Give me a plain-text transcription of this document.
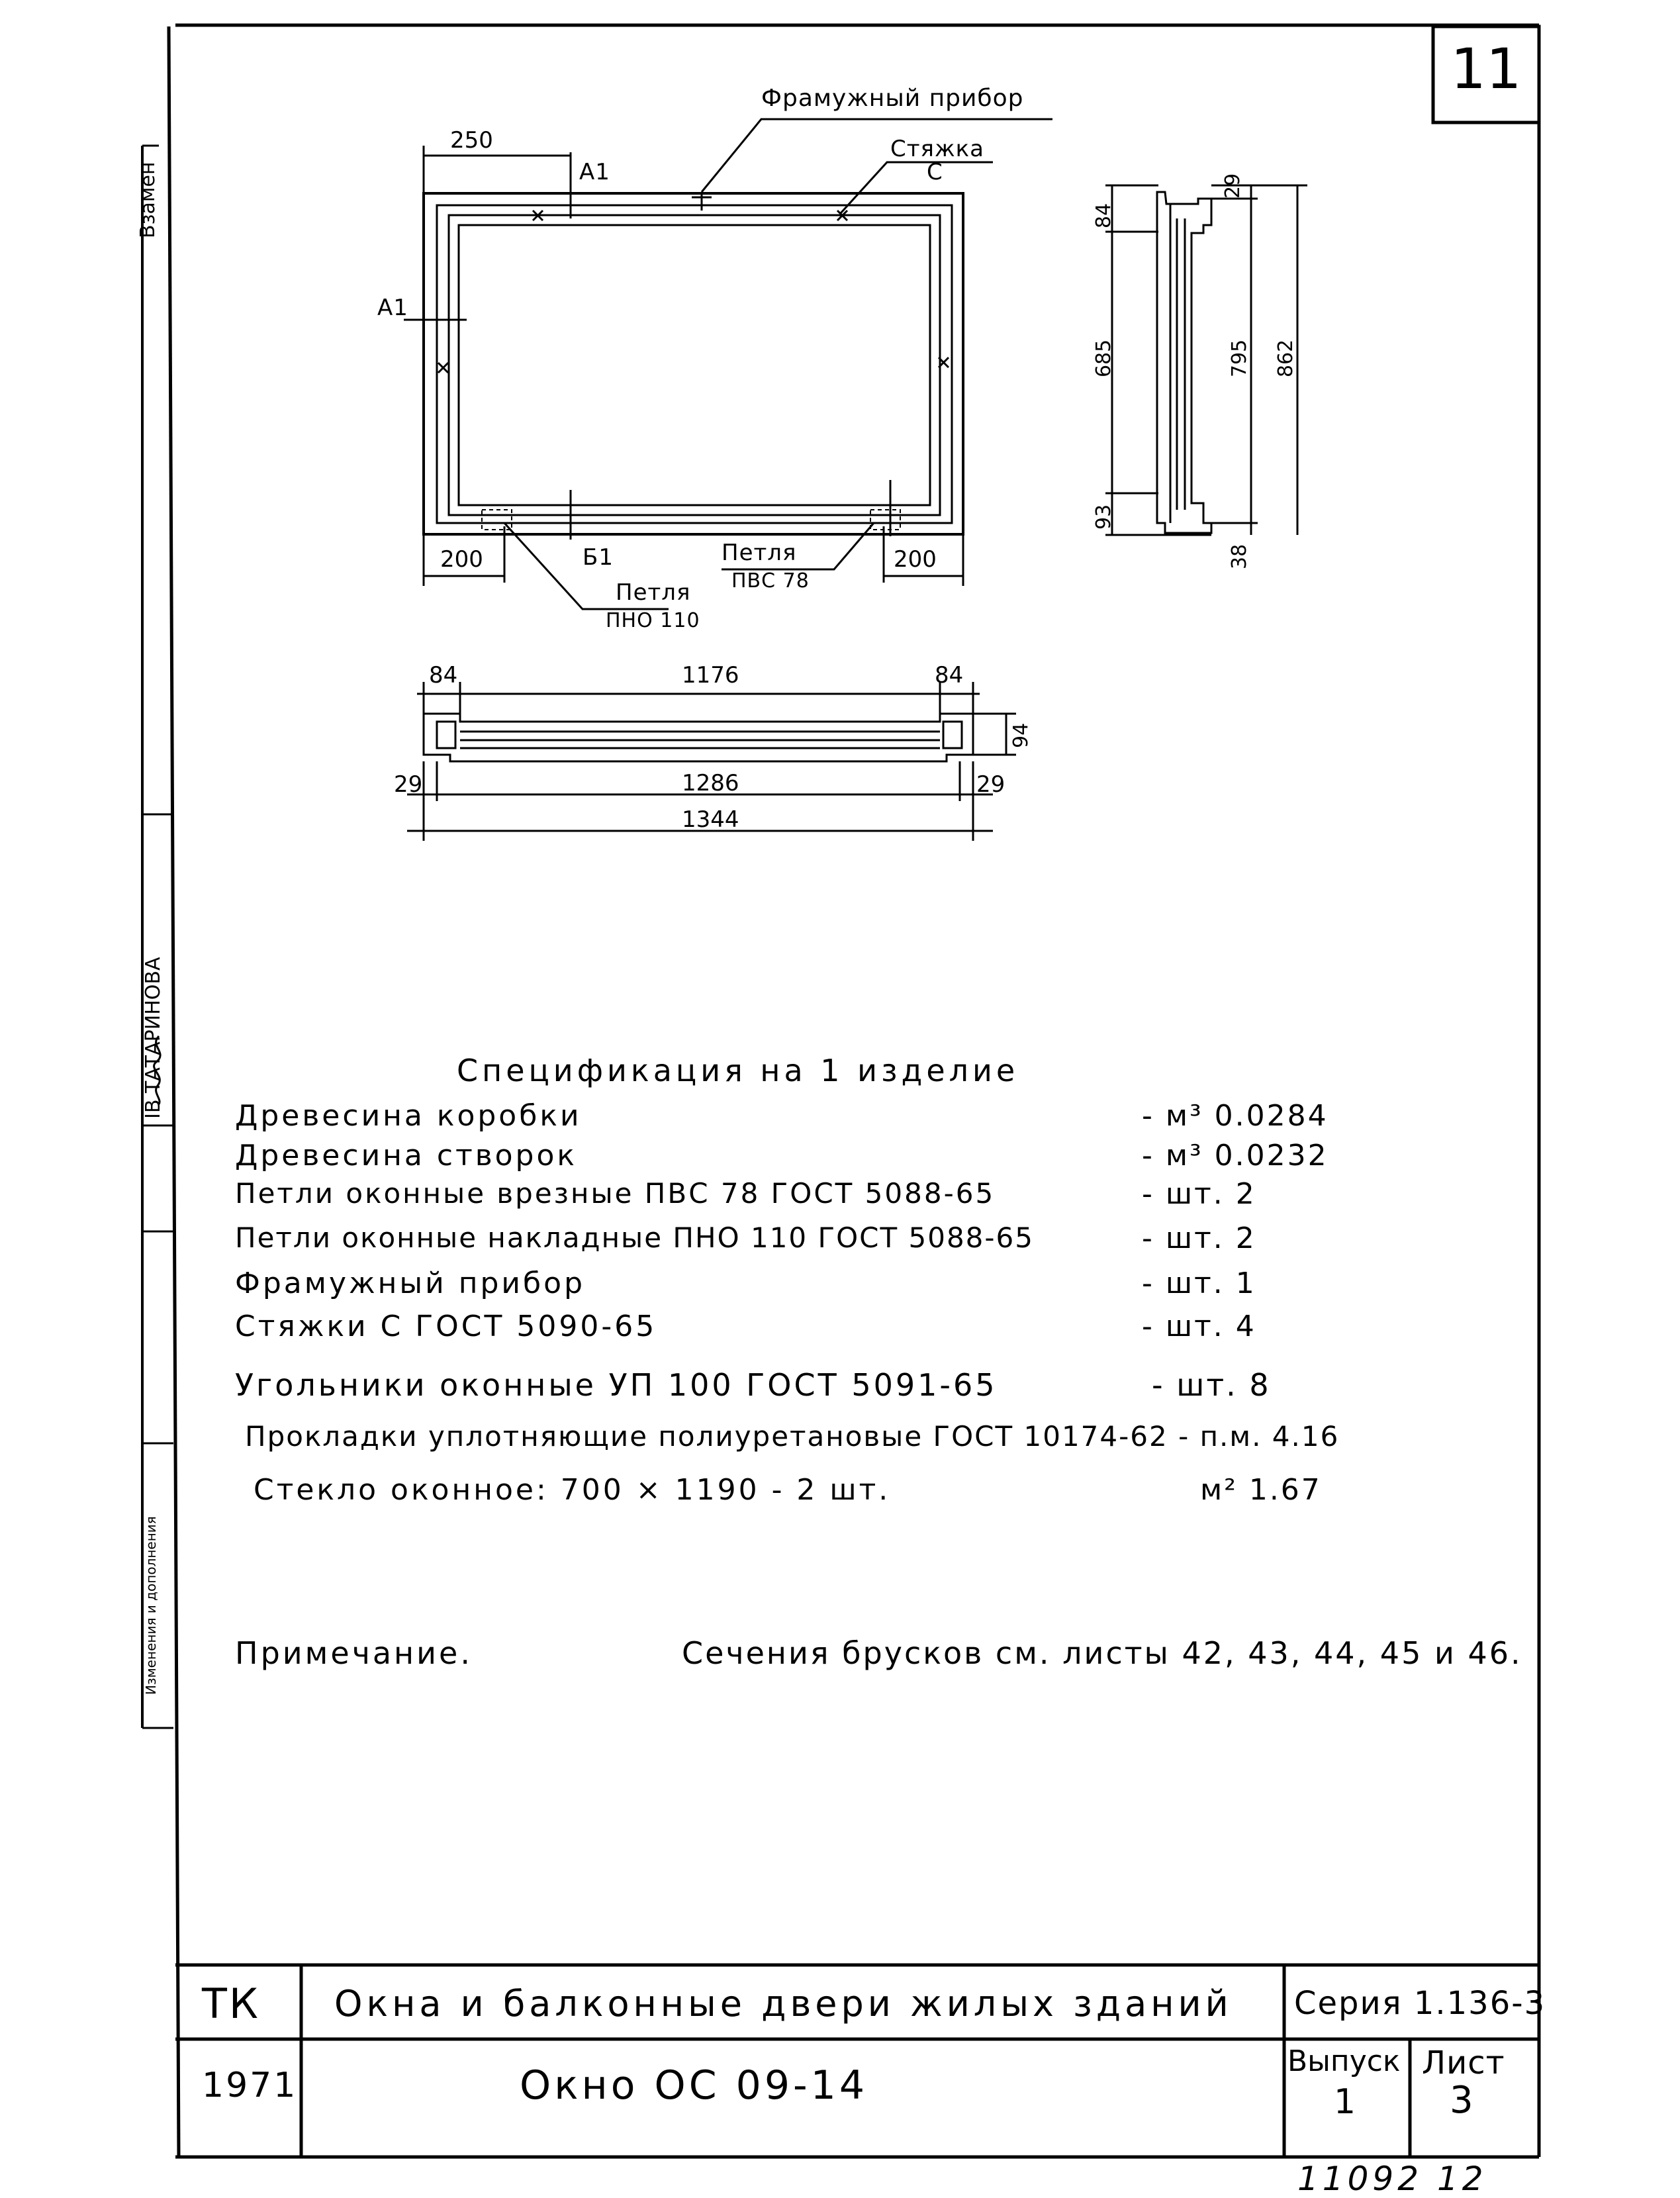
11
Взамен
IB ТАТАРИНОВА
Изменения и дополнения
Фрамужный прибор
Стяжка
С
250
A1
A1
Б1
200	200
Петля
ПВС 78
Петля
ПНО 110
84
29
685	795 862
93
38
84	1176	84
94
29	1286	29
1344
Спецификация на 1 изделие
Древесина коробки	- м³ 0.0284
Древесина створок	- м³ 0.0232
Петли оконные врезные ПВС 78 ГОСТ 5088-65	- шт. 2
Петли оконные накладные ПНО 110 ГОСТ 5088-65	- шт. 2
Фрамужный прибор	- шт. 1
Стяжки С ГОСТ 5090-65	- шт. 4
Угольники оконные УП 100 ГОСТ 5091-65	- шт. 8
Прокладки уплотняющие полиуретановые ГОСТ 10174-62 - п.м. 4.16
Стекло оконное: 700 × 1190 - 2 шт.	м² 1.67
Примечание.	Сечения брусков см. листы 42, 43, 44, 45 и 46.
ТК
1971
Окна и балконные двери жилых зданий
Окно ОС 09-14
Серия 1.136-3
Выпуск
1
Лист
3
11092 12
